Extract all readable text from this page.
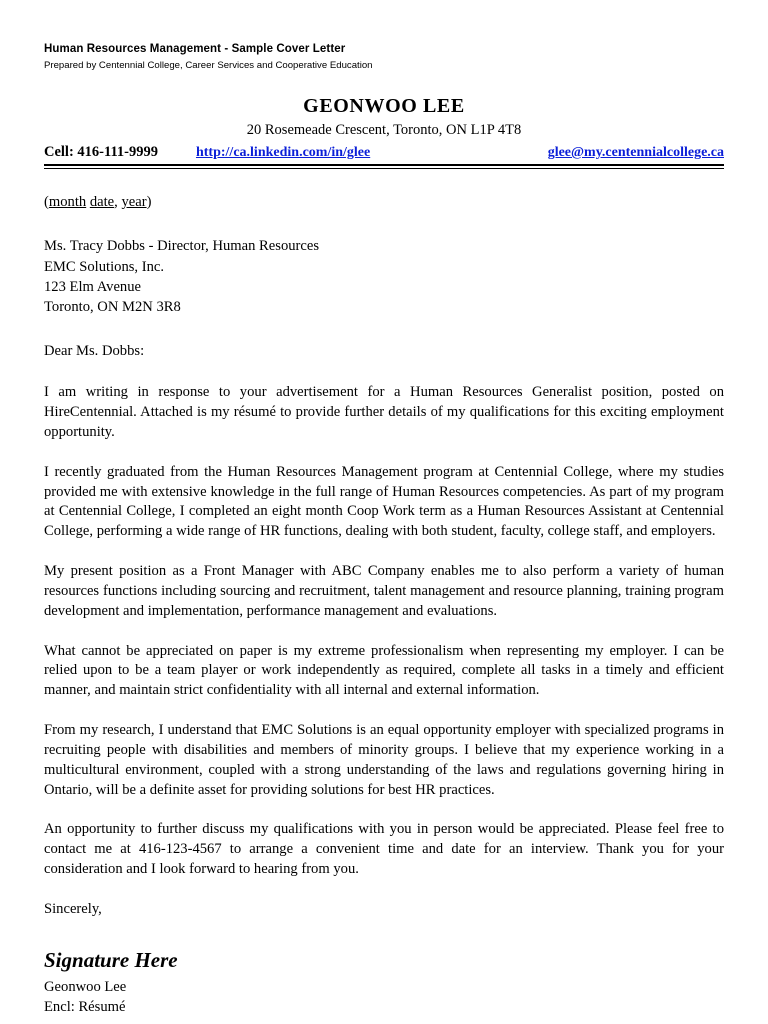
Human Resources Management - Sample Cover Letter
Prepared by Centennial College, Career Services and Cooperative Education
GEONWOO LEE
20 Rosemeade Crescent, Toronto, ON L1P 4T8
Cell: 416-111-9999	http://ca.linkedin.com/in/glee	glee@my.centennialcollege.ca
(month date, year)
Ms. Tracy Dobbs - Director, Human Resources
EMC Solutions, Inc.
123 Elm Avenue
Toronto, ON M2N 3R8
Dear Ms. Dobbs:

I am writing in response to your advertisement for a Human Resources Generalist position, posted on HireCentennial. Attached is my résumé to provide further details of my qualifications for this exciting employment opportunity.

I recently graduated from the Human Resources Management program at Centennial College, where my studies provided me with extensive knowledge in the full range of Human Resources competencies. As part of my program at Centennial College, I completed an eight month Coop Work term as a Human Resources Assistant at Centennial College, performing a wide range of HR functions, dealing with both student, faculty, college staff, and employers.

My present position as a Front Manager with ABC Company enables me to also perform a variety of human resources functions including sourcing and recruitment, talent management and resource planning, training program development and implementation, performance management and evaluations.

What cannot be appreciated on paper is my extreme professionalism when representing my employer. I can be relied upon to be a team player or work independently as required, complete all tasks in a timely and efficient manner, and maintain strict confidentiality with all internal and external information.

From my research, I understand that EMC Solutions is an equal opportunity employer with specialized programs in recruiting people with disabilities and members of minority groups. I believe that my experience working in a multicultural environment, coupled with a strong understanding of the laws and regulations governing hiring in Ontario, will be a definite asset for providing solutions for best HR practices.

An opportunity to further discuss my qualifications with you in person would be appreciated. Please feel free to contact me at 416-123-4567 to arrange a convenient time and date for an interview. Thank you for your consideration and I look forward to hearing from you.

Sincerely,
Signature Here
Geonwoo Lee
Encl: Résumé
